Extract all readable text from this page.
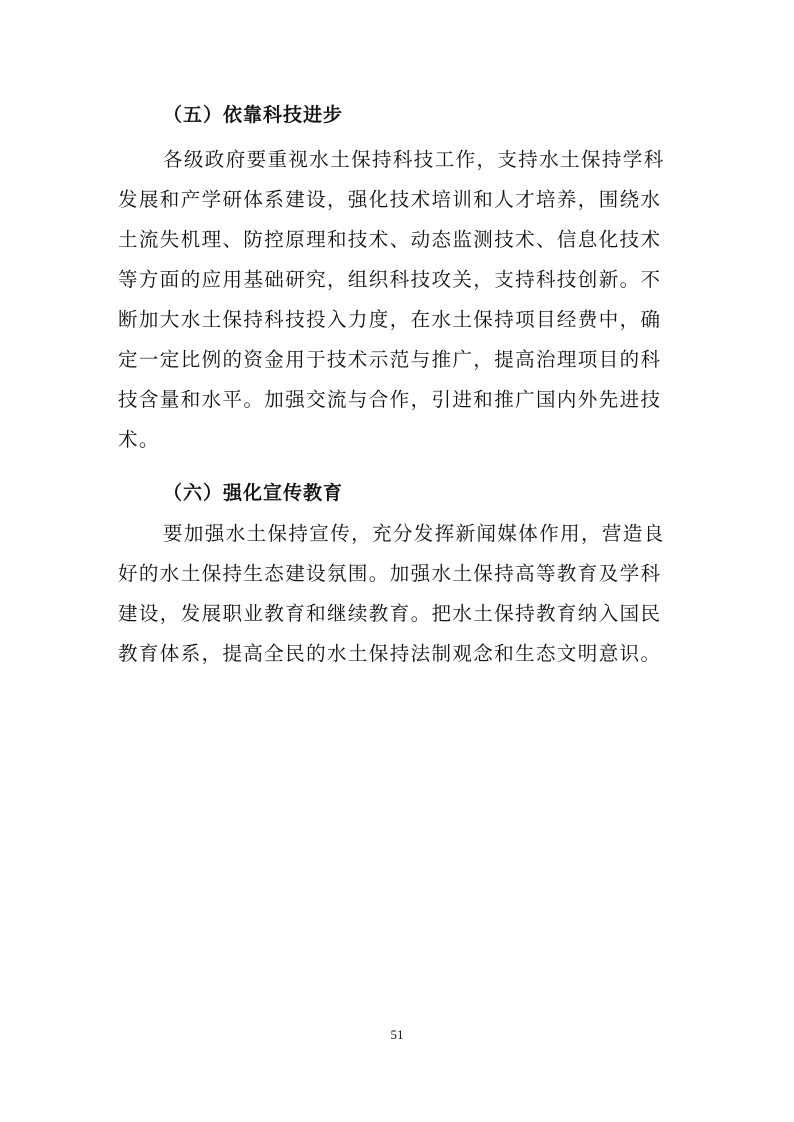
（五）依靠科技进步
各级政府要重视水土保持科技工作，支持水土保持学科
发展和产学研体系建设，强化技术培训和人才培养，围绕水
土流失机理、防控原理和技术、动态监测技术、信息化技术
等方面的应用基础研究，组织科技攻关，支持科技创新。不
断加大水土保持科技投入力度，在水土保持项目经费中，确
定一定比例的资金用于技术示范与推广，提高治理项目的科
技含量和水平。加强交流与合作，引进和推广国内外先进技
术。
（六）强化宣传教育
要加强水土保持宣传，充分发挥新闻媒体作用，营造良
好的水土保持生态建设氛围。加强水土保持高等教育及学科
建设，发展职业教育和继续教育。把水土保持教育纳入国民
教育体系，提高全民的水土保持法制观念和生态文明意识。
51
